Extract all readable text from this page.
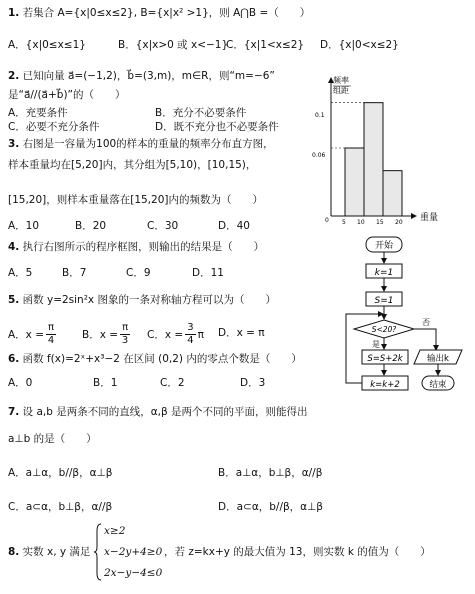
1. 若集合 A={x|0≤x≤2}, B={x|x² >1}，则 A⋂B =（　　）
A．{x|0≤x≤1}	B．{x|x>0 或 x<−1}
C．{x|1<x≤2} D．{x|0<x≤2}
2. 已知向量 a⃗=(−1,2)，b⃗=(3,m)，m∈R，则“m=−6”
是“a⃗//(a⃗+b⃗)”的（　　）
A．充要条件	B．充分不必要条件
C．必要不充分条件	D．既不充分也不必要条件
3. 右图是一容量为100的样本的重量的频率分布直方图，
样本重量均在[5,20]内，其分组为[5,10)，[10,15)，
[15,20]，则样本重量落在[15,20]内的频数为（　　）
A．10	B．20	C．30	D．40
频率
组距
重量
0.1
0.06
0 5 10 15 20
4. 执行右图所示的程序框图，则输出的结果是（　　）
A．5	B．7	C．9	D．11
开始
k=1
S=1
S<20?
否
是
S=S+2k
k=k+2
输出k
结束
5. 函数 y=2sin²x 图象的一条对称轴方程可以为（　　）
A．$x = \frac{\pi}{4}$ B．$x = \frac{\pi}{3}$ C．$x = \frac{3}{4}$ π D．x = π
6. 函数 f(x)=2ˣ+x³−2 在区间 (0,2) 内的零点个数是（　　）
A．0	B．1	C．2	D．3
7. 设 a,b 是两条不同的直线，α,β 是两个不同的平面，则能得出
a⊥b 的是（　　）
A．a⊥α，b//β，α⊥β	B．a⊥α，b⊥β，α//β
C．a⊂α，b⊥β，α//β	D．a⊂α，b//β，α⊥β
8. 实数 x, y 满足
x≥2
x−2y+4≥0
2x−y−4≤0
，若 z=kx+y 的最大值为 13，则实数 k 的值为（　　）
